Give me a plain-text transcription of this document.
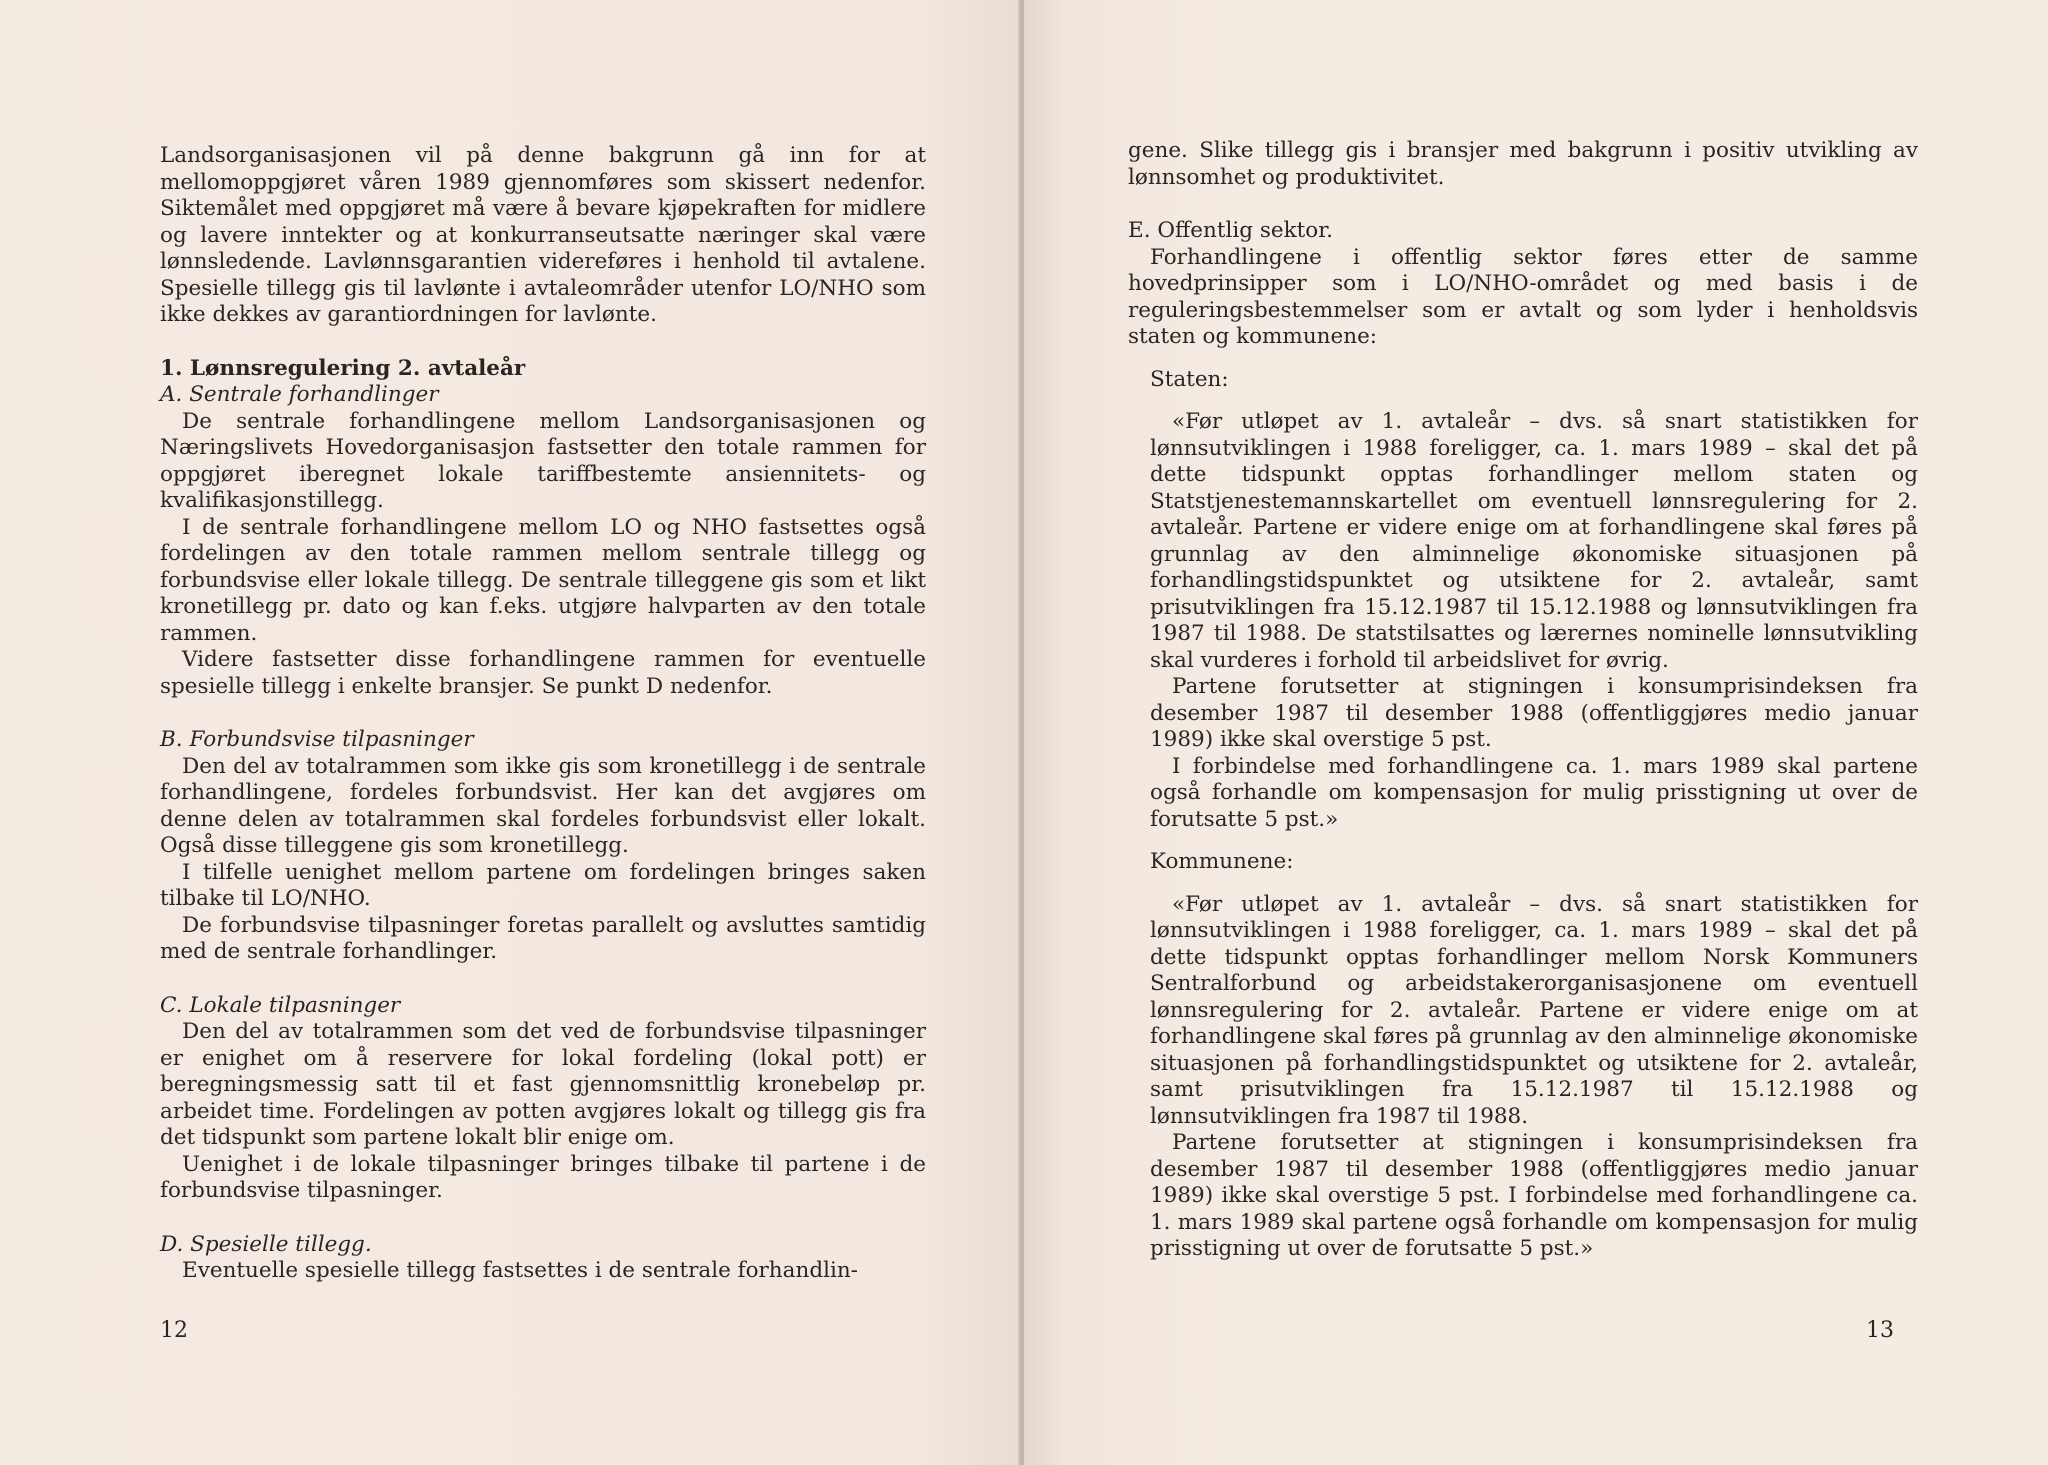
Landsorganisasjonen vil på denne bakgrunn gå inn for at mellomoppgjøret våren 1989 gjennomføres som skissert nedenfor. Siktemålet med oppgjøret må være å bevare kjøpekraften for midlere og lavere inntekter og at konkurranseutsatte næringer skal være lønnsledende. Lavlønnsgarantien videreføres i henhold til avtalene. Spesielle tillegg gis til lavlønte i avtaleområder utenfor LO/NHO som ikke dekkes av garantiordningen for lavlønte.

1. Lønnsregulering 2. avtaleår

A. Sentrale forhandlinger

De sentrale forhandlingene mellom Landsorganisasjonen og Næringslivets Hovedorganisasjon fastsetter den totale rammen for oppgjøret iberegnet lokale tariffbestemte ansiennitets- og kvalifikasjonstillegg.

I de sentrale forhandlingene mellom LO og NHO fastsettes også fordelingen av den totale rammen mellom sentrale tillegg og forbundsvise eller lokale tillegg. De sentrale tilleggene gis som et likt kronetillegg pr. dato og kan f.eks. utgjøre halvparten av den totale rammen.

Videre fastsetter disse forhandlingene rammen for eventuelle spesielle tillegg i enkelte bransjer. Se punkt D nedenfor.

B. Forbundsvise tilpasninger

Den del av totalrammen som ikke gis som kronetillegg i de sentrale forhandlingene, fordeles forbundsvist. Her kan det avgjøres om denne delen av totalrammen skal fordeles forbundsvist eller lokalt. Også disse tilleggene gis som kronetillegg.

I tilfelle uenighet mellom partene om fordelingen bringes saken tilbake til LO/NHO.

De forbundsvise tilpasninger foretas parallelt og avsluttes samtidig med de sentrale forhandlinger.

C. Lokale tilpasninger

Den del av totalrammen som det ved de forbundsvise tilpasninger er enighet om å reservere for lokal fordeling (lokal pott) er beregningsmessig satt til et fast gjennomsnittlig kronebeløp pr. arbeidet time. Fordelingen av potten avgjøres lokalt og tillegg gis fra det tidspunkt som partene lokalt blir enige om.

Uenighet i de lokale tilpasninger bringes tilbake til partene i de forbundsvise tilpasninger.

D. Spesielle tillegg.

Eventuelle spesielle tillegg fastsettes i de sentrale forhandlin-

12

gene. Slike tillegg gis i bransjer med bakgrunn i positiv utvikling av lønnsomhet og produktivitet.

E. Offentlig sektor.

Forhandlingene i offentlig sektor føres etter de samme hovedprinsipper som i LO/NHO-området og med basis i de reguleringsbestemmelser som er avtalt og som lyder i henholdsvis staten og kommunene:

Staten:

«Før utløpet av 1. avtaleår – dvs. så snart statistikken for lønnsutviklingen i 1988 foreligger, ca. 1. mars 1989 – skal det på dette tidspunkt opptas forhandlinger mellom staten og Statstjenestemannskartellet om eventuell lønnsregulering for 2. avtaleår. Partene er videre enige om at forhandlingene skal føres på grunnlag av den alminnelige økonomiske situasjonen på forhandlingstidspunktet og utsiktene for 2. avtaleår, samt prisutviklingen fra 15.12.1987 til 15.12.1988 og lønnsutviklingen fra 1987 til 1988. De statstilsattes og lærernes nominelle lønnsutvikling skal vurderes i forhold til arbeidslivet for øvrig.

Partene forutsetter at stigningen i konsumprisindeksen fra desember 1987 til desember 1988 (offentliggjøres medio januar 1989) ikke skal overstige 5 pst.

I forbindelse med forhandlingene ca. 1. mars 1989 skal partene også forhandle om kompensasjon for mulig prisstigning ut over de forutsatte 5 pst.»

Kommunene:

«Før utløpet av 1. avtaleår – dvs. så snart statistikken for lønnsutviklingen i 1988 foreligger, ca. 1. mars 1989 – skal det på dette tidspunkt opptas forhandlinger mellom Norsk Kommuners Sentralforbund og arbeidstakerorganisasjonene om eventuell lønnsregulering for 2. avtaleår. Partene er videre enige om at forhandlingene skal føres på grunnlag av den alminnelige økonomiske situasjonen på forhandlingstidspunktet og utsiktene for 2. avtaleår, samt prisutviklingen fra 15.12.1987 til 15.12.1988 og lønnsutviklingen fra 1987 til 1988.

Partene forutsetter at stigningen i konsumprisindeksen fra desember 1987 til desember 1988 (offentliggjøres medio januar 1989) ikke skal overstige 5 pst. I forbindelse med forhandlingene ca. 1. mars 1989 skal partene også forhandle om kompensasjon for mulig prisstigning ut over de forutsatte 5 pst.»

13
